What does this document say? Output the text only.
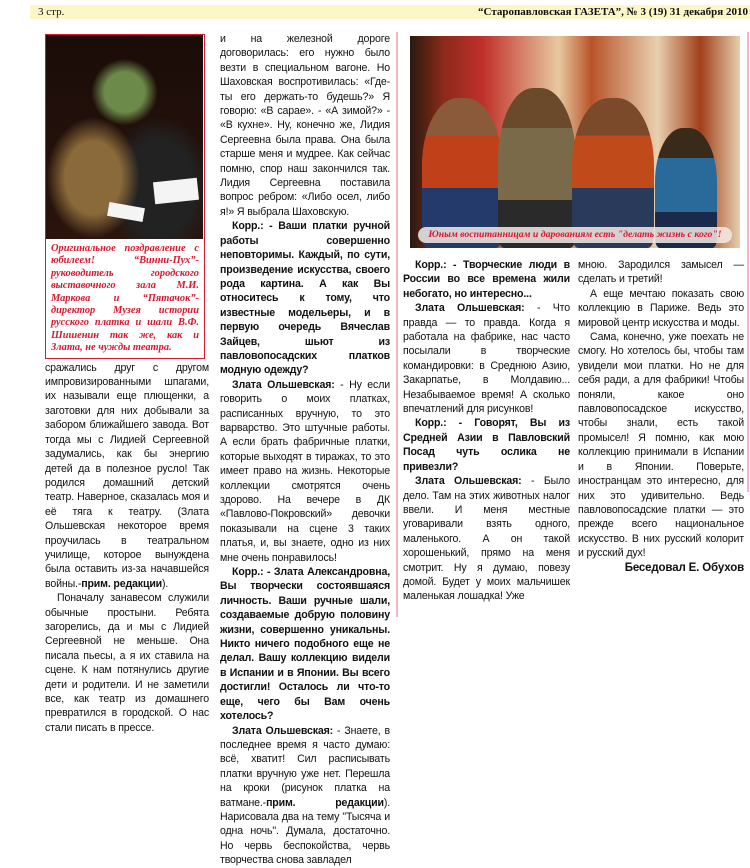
3 стр.	“Старопавловская ГАЗЕТА”, № 3 (19) 31 декабря 2010
Оригинальное поздравление с юбилеем! “Винни-Пух”-руководитель городского выставочного зала М.И. Маркова и “Пятачок”-директор Музея истории русского платка и шали В.Ф. Шишенин так же, как и Злата, не чужды театра.

сражались друг с другом импровизированными шпагами, их называли еще плющенки, а заготовки для них добывали за забором ближайшего завода. Вот тогда мы с Лидией Сергеевной задумались, как бы энергию детей да в полезное русло! Так родился домашний детский театр. Наверное, сказалась моя и её тяга к театру. (Злата Ольшевская некоторое время проучилась в театральном училище, которое вынуждена была оставить из-за начавшейся войны.-прим. редакции).

Поначалу занавесом служили обычные простыни. Ребята загорелись, да и мы с Лидией Сергеевной не меньше. Она писала пьесы, а я их ставила на сцене. К нам потянулись другие дети и родители. И не заметили все, как театр из домашнего превратился в городской. О нас стали писать в прессе.

и на железной дороге договорилась: его нужно было везти в специальном вагоне. Но Шаховская воспротивилась: «Где-ты его держать-то будешь?» Я говорю: «В сарае». - «А зимой?» - «В кухне». Ну, конечно же, Лидия Сергеевна была права. Она была старше меня и мудрее. Как сейчас помню, спор наш закончился так. Лидия Сергеевна поставила вопрос ребром: «Либо осел, либо я!» Я выбрала Шаховскую.

Корр.: - Ваши платки ручной работы совершенно неповторимы. Каждый, по сути, произведение искусства, своего рода картина. А как Вы относитесь к тому, что известные модельеры, и в первую очередь Вячеслав Зайцев, шьют из павловопосадских платков модную одежду?

Злата Ольшевская: - Ну если говорить о моих платках, расписанных вручную, то это варварство. Это штучные работы. А если брать фабричные платки, которые выходят в тиражах, то это имеет право на жизнь. Некоторые коллекции смотрятся очень здорово. На вечере в ДК «Павлово-Покровский» девочки показывали на сцене 3 таких платья, и, вы знаете, одно из них мне очень понравилось!

Корр.: - Злата Александровна, Вы творчески состоявшаяся личность. Ваши ручные шали, создаваемые добрую половину жизни, совершенно уникальны. Никто ничего подобного еще не делал. Вашу коллекцию видели в Испании и в Японии. Вы всего достигли! Осталось ли что-то еще, чего бы Вам очень хотелось?

Злата Ольшевская: - Знаете, в последнее время я часто думаю: всё, хватит! Сил расписывать платки вручную уже нет. Перешла на кроки (рисунок платка на ватмане.-прим. редакции). Нарисовала два на тему "Тысяча и одна ночь". Думала, достаточно. Но червь беспокойства, червь творчества снова завладел

Юным воспитанницам и дарованиям есть "делать жизнь с кого"!

Корр.: - Творческие люди в России во все времена жили небогато, но интересно...

Злата Ольшевская: - Что правда — то правда. Когда я работала на фабрике, нас часто посылали в творческие командировки: в Среднюю Азию, Закарпатье, в Молдавию... Незабываемое время! А сколько впечатлений для рисунков!

Корр.: - Говорят, Вы из Средней Азии в Павловский Посад чуть ослика не привезли?

Злата Ольшевская: - Было дело. Там на этих животных налог ввели. И меня местные уговаривали взять одного, маленького. А он такой хорошенький, прямо на меня смотрит. Ну я думаю, повезу домой. Будет у моих мальчишек маленькая лошадка! Уже

мною. Зародился замысел — сделать и третий!

А еще мечтаю показать свою коллекцию в Париже. Ведь это мировой центр искусства и моды.

Сама, конечно, уже поехать не смогу. Но хотелось бы, чтобы там увидели мои платки. Но не для себя ради, а для фабрики! Чтобы поняли, какое оно павловопосадское искусство, чтобы знали, есть такой промысел! Я помню, как мою коллекцию принимали в Испании и в Японии. Поверьте, иностранцам это интересно, для них это удивительно. Ведь павловопосадские платки — это прежде всего национальное искусство. В них русский колорит и русский дух!

Беседовал Е. Обухов
